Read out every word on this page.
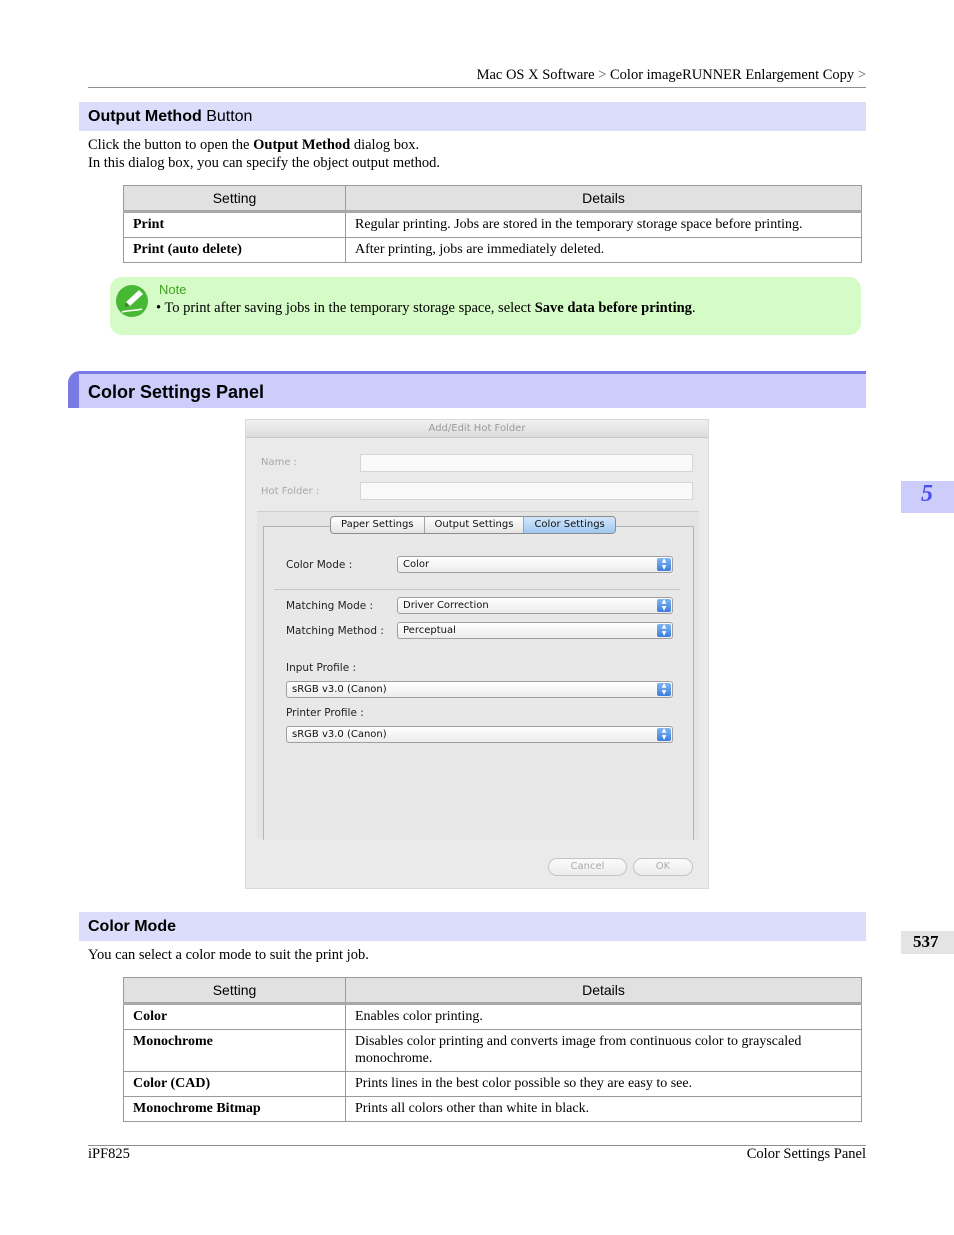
Mac OS X Software > Color imageRUNNER Enlargement Copy >
Output Method Button
Click the button to open the Output Method dialog box.
In this dialog box, you can specify the object output method.
Setting	Details
Print	Regular printing. Jobs are stored in the temporary storage space before printing.
Print (auto delete)	After printing, jobs are immediately deleted.
Note
• To print after saving jobs in the temporary storage space, select Save data before printing.
Color Settings Panel
Add/Edit Hot Folder
Name :
Hot Folder :
Paper Settings	Output Settings	Color Settings
Color Mode :	Color	▲
▼
Matching Mode :	Driver Correction	▲
▼
Matching Method :	Perceptual	▲
▼
Input Profile :
sRGB v3.0 (Canon)	▲
▼
Printer Profile :
sRGB v3.0 (Canon)	▲
▼
Cancel	OK
Color Mode
You can select a color mode to suit the print job.
Setting	Details
Color	Enables color printing.
Monochrome	Disables color printing and converts image from continuous color to grayscaled monochrome.
Color (CAD)	Prints lines in the best color possible so they are easy to see.
Monochrome Bitmap	Prints all colors other than white in black.
5
537
iPF825	Color Settings Panel
